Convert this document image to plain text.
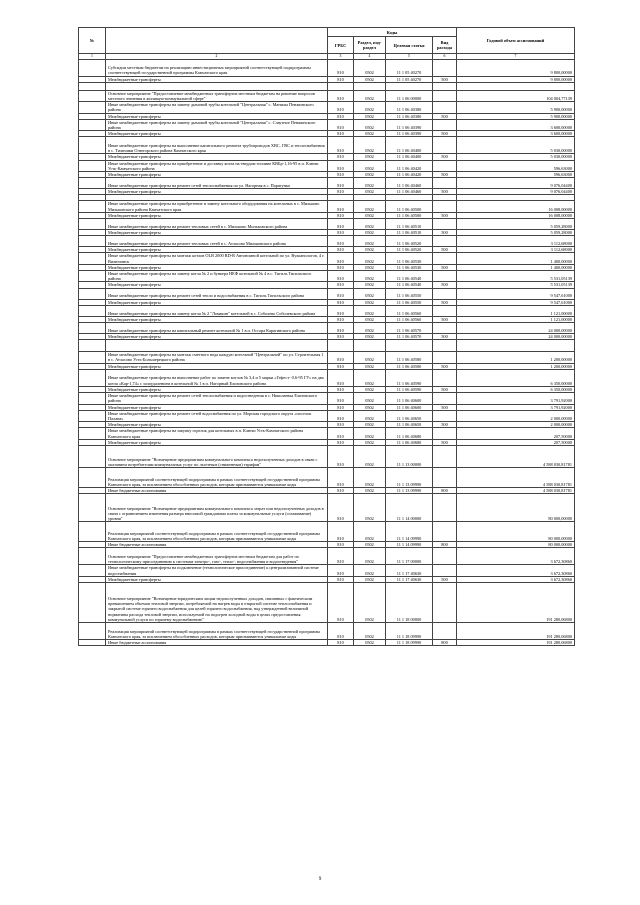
№		Коды				Годовой объем ассигнований
		ГРБС	Раздел, под- раздел	Целевая статья	Вид расхода	
1	2	3	4	5	6	7
	Субсидии местным бюджетам на реализацию инвестиционных мероприятий соответствующей подпрограммы соответствующей государственной программы Камчатского края	810	0502	11 1 05 40270		9 800,00000
	Межбюджетные трансферты	810	0502	11 1 05 40270	500	9 800,00000

	Основное мероприятие "Предоставление межбюджетных трансфертов местным бюджетам на решение вопросов местного значения в жилищно-коммунальной сфере"	810	0502	11 1 06 00000		104 004,77139
	Иные межбюджетные трансферты на замену дымовой трубы котельной "Центральная" с. Манилы Пенжинского района	810	0502	11 1 06 40380		5 900,00000
	Межбюджетные трансферты	810	0502	11 1 06 40380	500	5 900,00000
	Иные межбюджетные трансферты на замену дымовой трубы котельной "Центральная" с. Слаутное Пенжинского района	810	0502	11 1 06 40390		3 600,00000
	Межбюджетные трансферты	810	0502	11 1 06 40390	500	3 600,00000
	Иные межбюджетные трансферты на выполнение капитального ремонта трубопроводов ХВС, ГВС и теплоснабжения в с. Тиличики Олюторского района Камчатского края	810	0502	11 1 06 40400		5 030,00000
	Межбюджетные трансферты	810	0502	11 1 06 40400	500	5 030,00000
	Иные межбюджетные трансферты на приобретение и доставку котла на твердом топливе КВБр-1,16-95 в п. Ключи Усть-Камчатского района	810	0502	11 1 06 40420		596,63000
	Межбюджетные трансферты	810	0502	11 1 06 40420	500	596,63000
	Иные межбюджетные трансферты на ремонт сетей теплоснабжения по ул. Нагорная в с. Паратунка	810	0502	11 1 06 40460		9 076,04400
	Межбюджетные трансферты	810	0502	11 1 06 40460	500	9 076,04400

	Иные межбюджетные трансферты на приобретение и замену котельного оборудования на котельных в с. Мильково Мильковского района Камчатского края	810	0502	11 1 06 40500		16 008,00000
	Межбюджетные трансферты	810	0502	11 1 06 40500	500	16 008,00000
	Иные межбюджетные трансферты на ремонт тепловых сетей в с. Мильково Мильковского района	810	0502	11 1 06 40510		5 059,28000
	Межбюджетные трансферты	810	0502	11 1 06 40510	500	5 059,28000
	Иные межбюджетные трансферты на ремонт тепловых сетей в с. Атласово Мильковского района	810	0502	11 1 06 40520		3 112,68000
	Межбюджетные трансферты	810	0502	11 1 06 40520	500	3 112,68000
	Иные межбюджетные трансферты на монтаж котлов OLB 2000 RD-R Автономной котельной по ул. Вулканологов, 4 г. Вилючинск	810	0502	11 1 06 40530		1 400,00000
	Межбюджетные трансферты	810	0502	11 1 06 40530	500	1 400,00000
	Иные межбюджетные трансферты на замену котла № 2 и бункера НЕФ котельной № 4 в с. Тигиль Тигильского района	810	0502	11 1 06 40540		5 531,05139
	Межбюджетные трансферты	810	0502	11 1 06 40540	500	5 531,05139
	Иные межбюджетные трансферты на ремонт сетей тепло и водоснабжения в с. Тигиль Тигильского района	810	0502	11 1 06 40550		9 547,61000
	Межбюджетные трансферты	810	0502	11 1 06 40550	500	9 547,61000
	Иные межбюджетные трансферты на замену котла № 2 "Ломакин" котельной в с. Соболево Соболевского района	810	0502	11 1 06 40560		1 121,00000
	Межбюджетные трансферты	810	0502	11 1 06 40560	500	1 121,00000
	Иные межбюджетные трансферты на капитальный ремонт котельной № 1 в п. Оссора Карагинского района	810	0502	11 1 06 40570		24 000,00000
	Межбюджетные трансферты	810	0502	11 1 06 40570	500	24 000,00000

	Иные межбюджетные трансферты на монтаж сметного вода каждую котельной "Центральной" по ул. Строительная 1 в с. Атласово Усть-Большерецкого района	810	0502	11 1 06 40580		1 200,00000
	Межбюджетные трансферты	810	0502	11 1 06 40580	500	1 200,00000
	Иные межбюджетные трансферты на выполнение работ по замене котлов № 3,4 и 5 марки «Гефест- 0,6-95 ГУ» на два котла «Кар-1,74» с золоудалением в котельной № 1 в п. Нагорный Елизовского района	810	0502	11 1 06 40590		6 350,00000
	Межбюджетные трансферты	810	0502	11 1 06 40590	500	6 350,00000
	Иные межбюджетные трансферты на ремонт сетей теплоснабжения и водоотведения в с. Николаевка Елизовского района	810	0502	11 1 06 40600		3 791,92000
	Межбюджетные трансферты	810	0502	11 1 06 40600	500	3 791,92000
	Иные межбюджетные трансферты на ремонт сетей водоснабжения по ул. Морская городского округа «поселок Палана»	810	0502	11 1 06 40650		2 000,00000
	Межбюджетные трансферты	810	0502	11 1 06 40650	500	2 000,00000
	Иные межбюджетные трансферты на закупку горелок для котельных в п. Ключи Усть-Камчатского района Камчатского края	810	0502	11 1 06 40680		207,50000
	Межбюджетные трансферты	810	0502	11 1 06 40680	500	207,50000
	Основное мероприятие "Возмещение предприятиям коммунального комплекса недополученных доходов в связи с оказанием потребителям коммунальных услуг по льготным (сниженным) тарифам"	810	0502	11 1 13 00000		4 588 030,81781
	Реализация мероприятий соответствующей подпрограммы в рамках соответствующей государственной программы Камчатского края, за исключением обособленных расходов, которым присваиваются уникальные коды	810	0502	11 1 13 09990		4 588 030,81781
	Иные бюджетные ассигнования	810	0502	11 1 13 09990	800	4 588 030,81781
	Основное мероприятие "Возмещение предприятиям коммунального комплекса затрат или недополученных доходов в связи с ограничением изменения размера вносимой гражданами платы за коммунальные услуги (сглаживание) уровня"	810	0502	11 1 14 00000		80 000,00000
	Реализация мероприятий соответствующей подпрограммы в рамках соответствующей государственной программы Камчатского края, за исключением обособленных расходов, которым присваиваются уникальные коды	810	0502	11 1 14 09990		80 000,00000
	Иные бюджетные ассигнования	810	0502	11 1 14 09990	800	80 000,00000
	Основное мероприятие "Предоставление межбюджетных трансфертов местным бюджетам для работ по технологическому присоединению к системам электро-, газо-, тепло-, водоснабжения и водоотведения"	810	0502	11 1 17 00000		3 672,30860
	Иные межбюджетные трансферты на подключение (технологическое присоединение) к централизованной системе водоснабжения	810	0502	11 1 17 40630		3 672,30860
	Межбюджетные трансферты	810	0502	11 1 17 40630	500	3 672,30860
	Основное мероприятие "Возмещение юридическим лицам недополученных доходов, связанных с фактическим превышением объемов тепловой энергии, потребляемой на нагрев воды в открытой системе теплоснабжения и закрытой системе горячего водоснабжения для целей горячего водоснабжения, над утвержденной величиной нормативы расхода тепловой энергии, используемой на подогрев холодной воды в целях предоставления коммунальной услуги по горячему водоснабжению"	810	0502	11 1 18 00000		191 280,06800
	Реализация мероприятий соответствующей подпрограммы в рамках соответствующей государственной программы Камчатского края, за исключением обособленных расходов, которым присваиваются уникальные коды	810	0502	11 1 18 09990		191 280,06800
	Иные бюджетные ассигнования	810	0502	11 1 18 09990	800	191 280,06800
9
